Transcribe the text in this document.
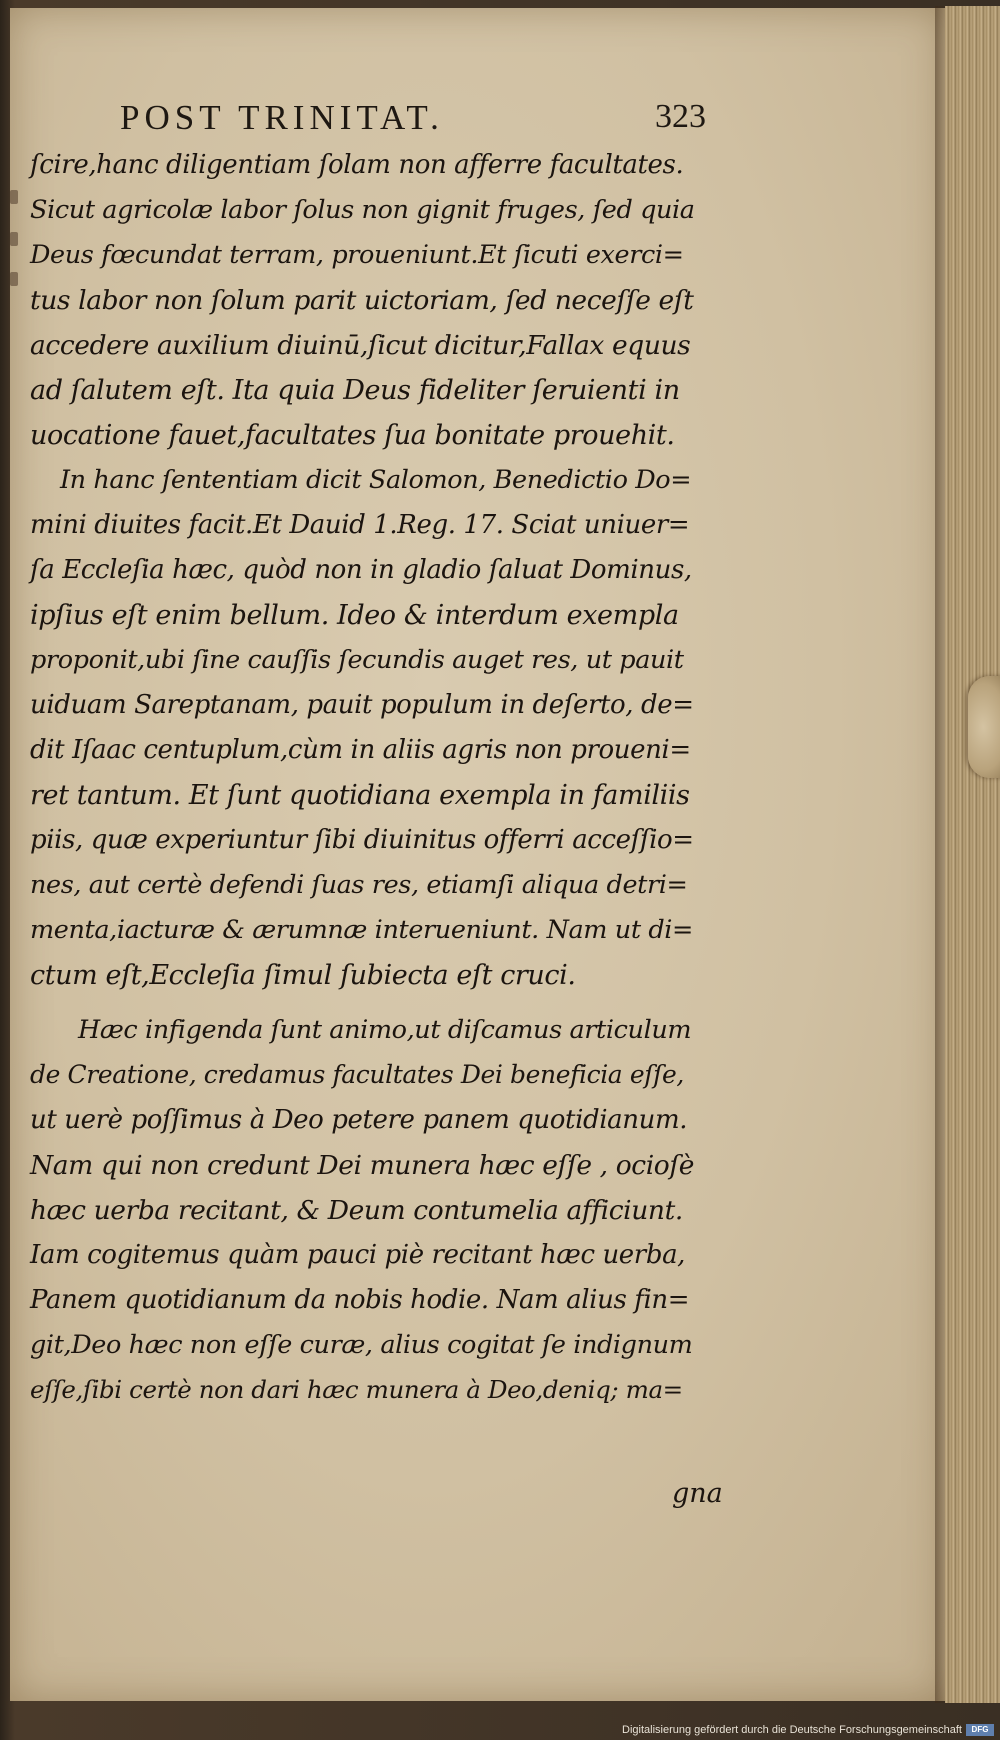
POST TRINITAT.	323
ſcire,hanc diligentiam ſolam non afferre facultates.
Sicut agricolæ labor ſolus non gignit fruges, ſed quia
Deus fœcundat terram, proueniunt.Et ſicuti exerci=
tus labor non ſolum parit uictoriam, ſed neceſſe eſt
accedere auxilium diuinū,ſicut dicitur,Fallax equus
ad ſalutem eſt. Ita quia Deus fideliter ſeruienti in
uocatione fauet,facultates ſua bonitate prouehit.
In hanc ſententiam dicit Salomon, Benedictio Do=
mini diuites facit.Et Dauid 1.Reg. 17. Sciat uniuer=
ſa Eccleſia hæc, quòd non in gladio ſaluat Dominus,
ipſius eſt enim bellum. Ideo & interdum exempla
proponit,ubi ſine cauſſis ſecundis auget res, ut pauit
uiduam Sareptanam, pauit populum in deſerto, de=
dit Iſaac centuplum,cùm in aliis agris non proueni=
ret tantum. Et ſunt quotidiana exempla in familiis
piis, quæ experiuntur ſibi diuinitus offerri acceſſio=
nes, aut certè defendi ſuas res, etiamſi aliqua detri=
menta,iacturæ & ærumnæ interueniunt. Nam ut di=
ctum eſt,Eccleſia ſimul ſubiecta eſt cruci.
Hæc infigenda ſunt animo,ut diſcamus articulum
de Creatione, credamus facultates Dei beneficia eſſe,
ut uerè poſſimus à Deo petere panem quotidianum.
Nam qui non credunt Dei munera hæc eſſe , ocioſè
hæc uerba recitant, & Deum contumelia afficiunt.
Iam cogitemus quàm pauci piè recitant hæc uerba,
Panem quotidianum da nobis hodie. Nam alius fin=
git,Deo hæc non eſſe curæ, alius cogitat ſe indignum
eſſe,ſibi certè non dari hæc munera à Deo,deniq; ma=
gna
Digitalisierung gefördert durch die Deutsche Forschungsgemeinschaft	DFG
